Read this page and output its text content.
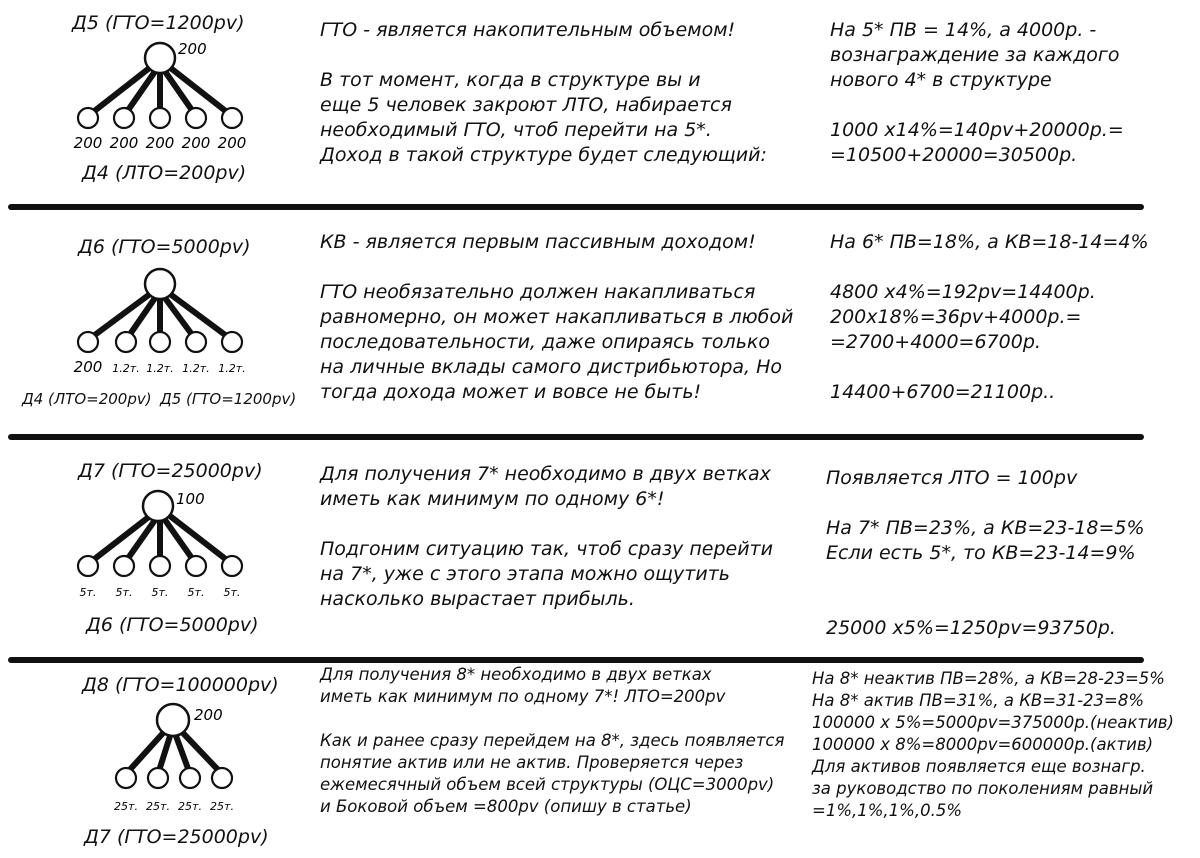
Д5 (ГТО=1200pv)
200
200 200 200 200 200
Д4 (ЛТО=200pv)
ГТО - является накопительным объемом!

В тот момент, когда в структуре вы и
еще 5 человек закроют ЛТО, набирается
необходимый ГТО, чтоб перейти на 5*.
Доход в такой структуре будет следующий:
На 5* ПВ = 14%, а 4000р. -
вознаграждение за каждого
нового 4* в структуре

1000 х14%=140pv+20000р.=
=10500+20000=30500р.
Д6 (ГТО=5000pv)
200 1.2т. 1.2т. 1.2т. 1.2т.
Д4 (ЛТО=200pv) Д5 (ГТО=1200pv)
КВ - является первым пассивным доходом!

ГТО необязательно должен накапливаться
равномерно, он может накапливаться в любой
последовательности, даже опираясь только
на личные вклады самого дистрибьютора, Но
тогда дохода может и вовсе не быть!
На 6* ПВ=18%, а КВ=18-14=4%

4800 х4%=192pv=14400р.
200х18%=36pv+4000р.=
=2700+4000=6700р.

14400+6700=21100р..
Д7 (ГТО=25000pv)
100
5т. 5т. 5т. 5т. 5т.
Д6 (ГТО=5000pv)
Для получения 7* необходимо в двух ветках
иметь как минимум по одному 6*!

Подгоним ситуацию так, чтоб сразу перейти
на 7*, уже с этого этапа можно ощутить
насколько вырастает прибыль.
Появляется ЛТО = 100pv

На 7* ПВ=23%, а КВ=23-18=5%
Если есть 5*, то КВ=23-14=9%

25000 х5%=1250pv=93750р.
Д8 (ГТО=100000pv)
200
25т. 25т. 25т. 25т.
Д7 (ГТО=25000pv)
Для получения 8* необходимо в двух ветках
иметь как минимум по одному 7*! ЛТО=200pv

Как и ранее сразу перейдем на 8*, здесь появляется
понятие актив или не актив. Проверяется через
ежемесячный объем всей структуры (ОЦС=3000pv)
и Боковой объем =800pv (опишу в статье)
На 8* неактив ПВ=28%, а КВ=28-23=5%
На 8* актив ПВ=31%, а КВ=31-23=8%
100000 х 5%=5000pv=375000р.(неактив)
100000 х 8%=8000pv=600000р.(актив)
Для активов появляется еще вознагр.
за руководство по поколениям равный
=1%,1%,1%,0.5%
